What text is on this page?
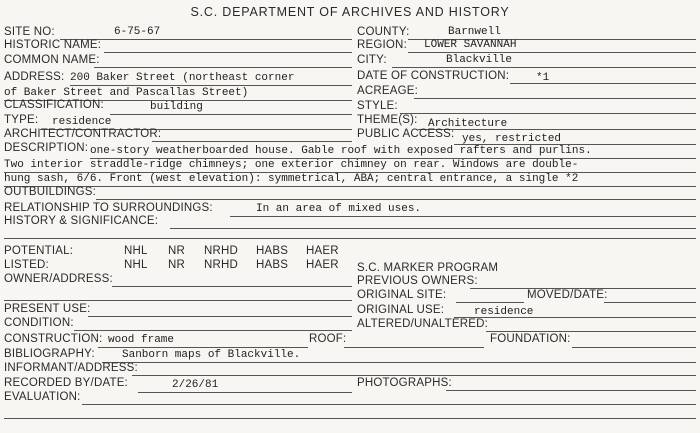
S.C. DEPARTMENT OF ARCHIVES AND HISTORY
SITE NO:	6-75-67
HISTORIC NAME:
COMMON NAME:
ADDRESS: 200 Baker Street (northeast corner
of Baker Street and Pascallas Street)
CLASSIFICATION:	building
TYPE: residence
ARCHITECT/CONTRACTOR:
COUNTY:	Barnwell
REGION: LOWER SAVANNAH
CITY:	Blackville
DATE OF CONSTRUCTION: *1
ACREAGE:
STYLE:
THEME(S): Architecture
PUBLIC ACCESS: yes, restricted
DESCRIPTION: one-story weatherboarded house. Gable roof with exposed rafters and purlins.
Two interior straddle-ridge chimneys; one exterior chimney on rear. Windows are double-
hung sash, 6/6. Front (west elevation): symmetrical, ABA; central entrance, a single *2
OUTBUILDINGS:
RELATIONSHIP TO SURROUNDINGS:	In an area of mixed uses.
HISTORY & SIGNIFICANCE:
POTENTIAL:	NHL NR NRHD HABS HAER
LISTED:	NHL NR NRHD HABS HAER
OWNER/ADDRESS:
S.C. MARKER PROGRAM
PREVIOUS OWNERS:
ORIGINAL SITE:	MOVED/DATE:
PRESENT USE:	ORIGINAL USE:	residence
CONDITION:	ALTERED/UNALTERED:
CONSTRUCTION: wood frame	ROOF:	FOUNDATION:
BIBLIOGRAPHY: Sanborn maps of Blackville.
INFORMANT/ADDRESS:
RECORDED BY/DATE:	2/26/81	PHOTOGRAPHS:
EVALUATION:
